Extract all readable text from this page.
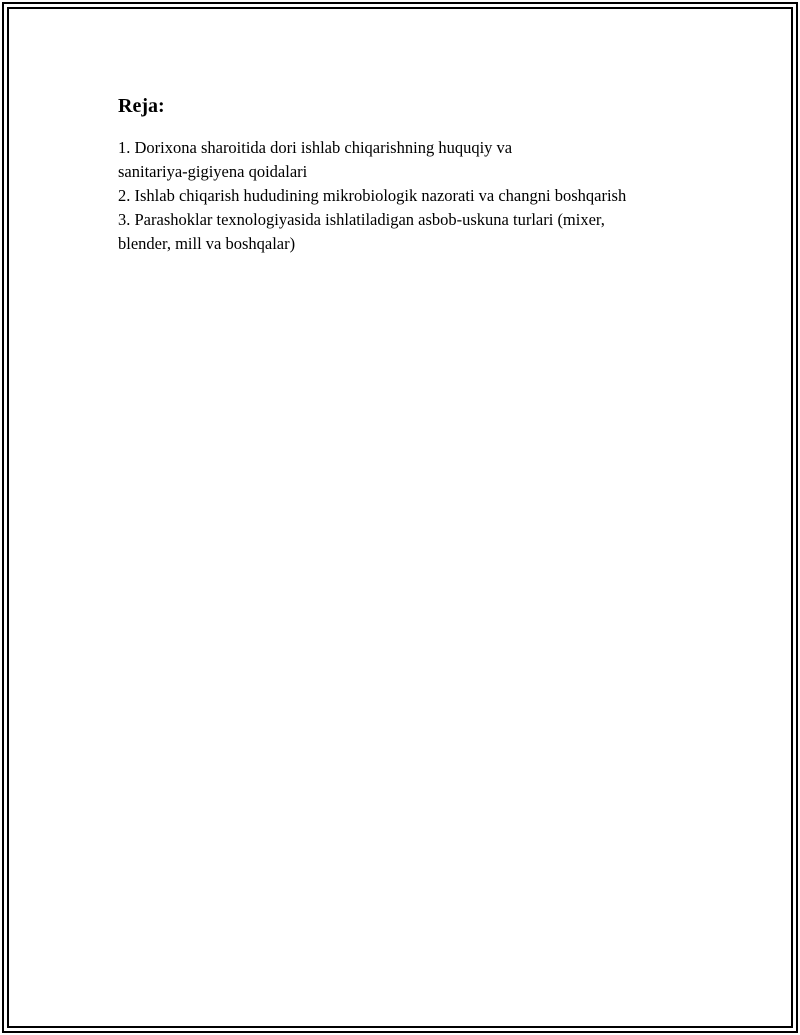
Reja:
1. Dorixona sharoitida dori ishlab chiqarishning huquqiy va
sanitariya-gigiyena qoidalari
2. Ishlab chiqarish hududining mikrobiologik nazorati va changni boshqarish
3. Parashoklar texnologiyasida ishlatiladigan asbob-uskuna turlari (mixer,
blender, mill va boshqalar)
